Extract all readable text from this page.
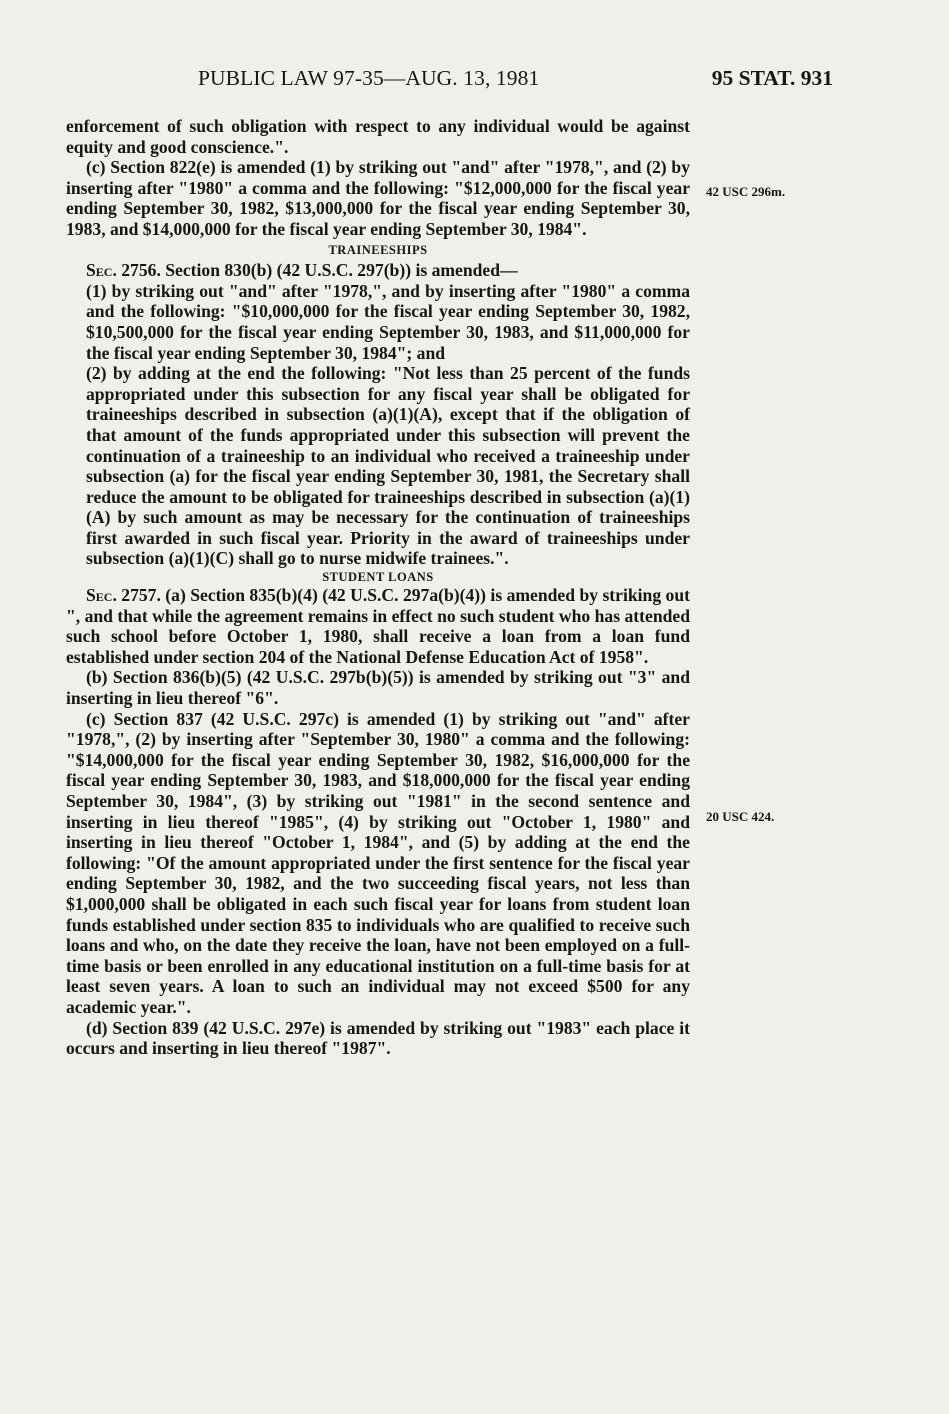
PUBLIC LAW 97-35—AUG. 13, 1981	95 STAT. 931

enforcement of such obligation with respect to any individual would be against equity and good conscience.".

(c) Section 822(e) is amended (1) by striking out "and" after "1978,", and (2) by inserting after "1980" a comma and the following: "$12,000,000 for the fiscal year ending September 30, 1982, $13,000,000 for the fiscal year ending September 30, 1983, and $14,000,000 for the fiscal year ending September 30, 1984".

TRAINEESHIPS

Sec. 2756. Section 830(b) (42 U.S.C. 297(b)) is amended—

(1) by striking out "and" after "1978,", and by inserting after "1980" a comma and the following: "$10,000,000 for the fiscal year ending September 30, 1982, $10,500,000 for the fiscal year ending September 30, 1983, and $11,000,000 for the fiscal year ending September 30, 1984"; and

(2) by adding at the end the following: "Not less than 25 percent of the funds appropriated under this subsection for any fiscal year shall be obligated for traineeships described in subsection (a)(1)(A), except that if the obligation of that amount of the funds appropriated under this subsection will prevent the continuation of a traineeship to an individual who received a traineeship under subsection (a) for the fiscal year ending September 30, 1981, the Secretary shall reduce the amount to be obligated for traineeships described in subsection (a)(1)(A) by such amount as may be necessary for the continuation of traineeships first awarded in such fiscal year. Priority in the award of traineeships under subsection (a)(1)(C) shall go to nurse midwife trainees.".

STUDENT LOANS

Sec. 2757. (a) Section 835(b)(4) (42 U.S.C. 297a(b)(4)) is amended by striking out ", and that while the agreement remains in effect no such student who has attended such school before October 1, 1980, shall receive a loan from a loan fund established under section 204 of the National Defense Education Act of 1958".

(b) Section 836(b)(5) (42 U.S.C. 297b(b)(5)) is amended by striking out "3" and inserting in lieu thereof "6".

(c) Section 837 (42 U.S.C. 297c) is amended (1) by striking out "and" after "1978,", (2) by inserting after "September 30, 1980" a comma and the following: "$14,000,000 for the fiscal year ending September 30, 1982, $16,000,000 for the fiscal year ending September 30, 1983, and $18,000,000 for the fiscal year ending September 30, 1984", (3) by striking out "1981" in the second sentence and inserting in lieu thereof "1985", (4) by striking out "October 1, 1980" and inserting in lieu thereof "October 1, 1984", and (5) by adding at the end the following: "Of the amount appropriated under the first sentence for the fiscal year ending September 30, 1982, and the two succeeding fiscal years, not less than $1,000,000 shall be obligated in each such fiscal year for loans from student loan funds established under section 835 to individuals who are qualified to receive such loans and who, on the date they receive the loan, have not been employed on a full-time basis or been enrolled in any educational institution on a full-time basis for at least seven years. A loan to such an individual may not exceed $500 for any academic year.".

(d) Section 839 (42 U.S.C. 297e) is amended by striking out "1983" each place it occurs and inserting in lieu thereof "1987".

42 USC 296m.
20 USC 424.
